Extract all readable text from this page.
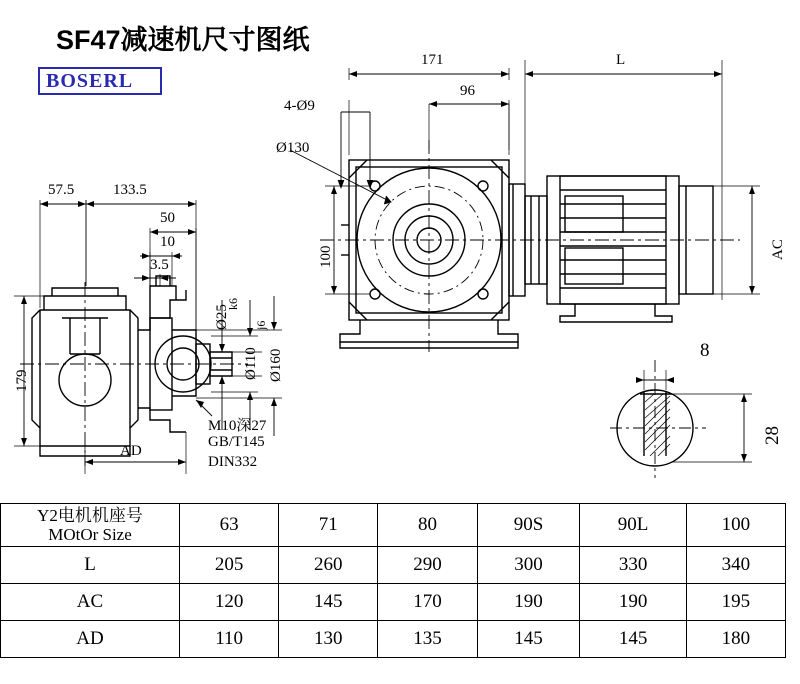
SF47减速机尺寸图纸
BOSERL
171	L
96
4-Ø9
Ø130
100	AC
57.5	133.5
50
10
3.5
179
AD
Ø25
k6
Ø110
j6
Ø160
M10深27
GB/T145
DIN332
8
28
Y2电机机座号
MOtOr Size	63	71	80	90S	90L	100
L	205	260	290	300	330	340
AC	120	145	170	190	190	195
AD	110	130	135	145	145	180
